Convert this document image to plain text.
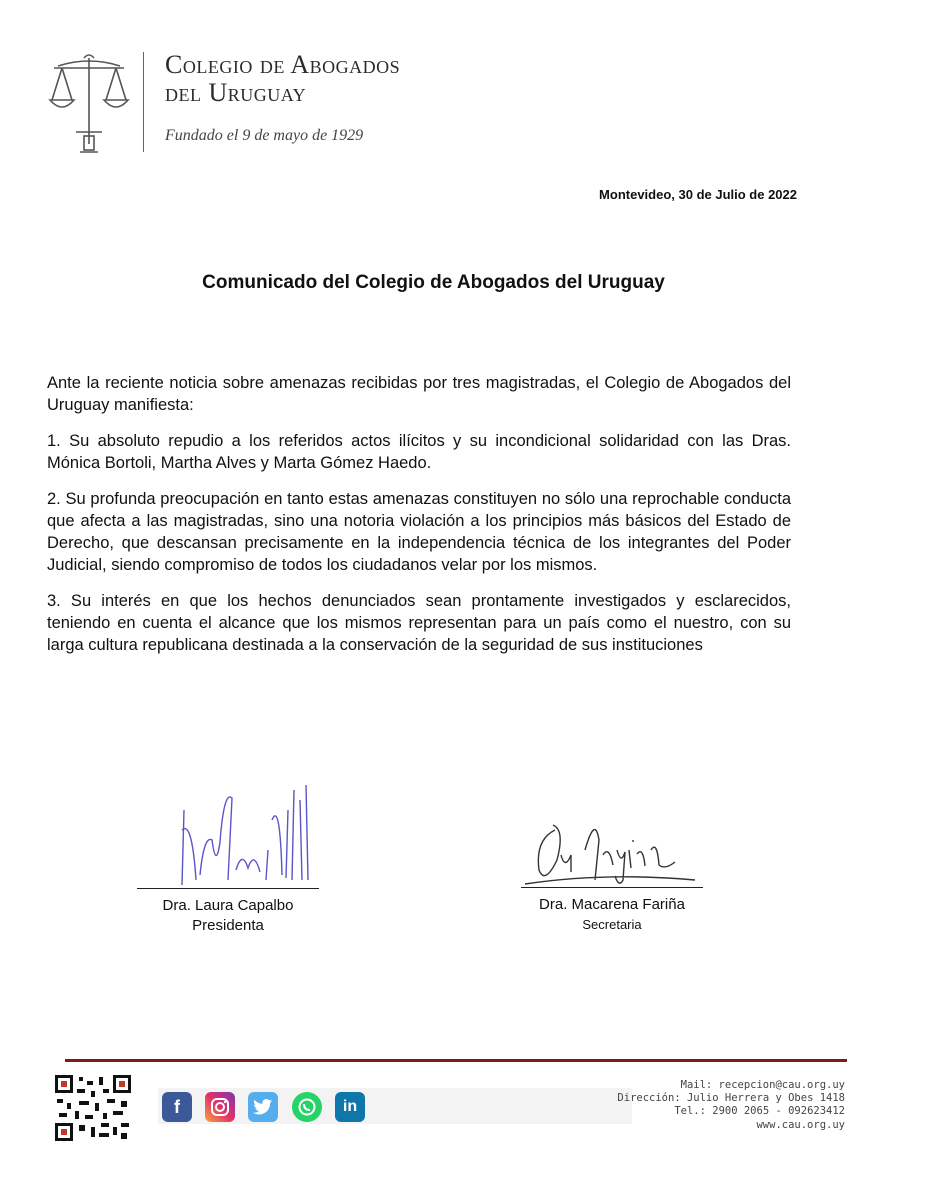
Colegio de Abogados
del Uruguay
Fundado el 9 de mayo de 1929
Montevideo, 30 de Julio de 2022
Comunicado del Colegio de Abogados del Uruguay

Ante la reciente noticia sobre amenazas recibidas por tres magistradas, el Colegio de Abogados del Uruguay manifiesta:

1. Su absoluto repudio a los referidos actos ilícitos y su incondicional solidaridad con las Dras. Mónica Bortoli, Martha Alves y Marta Gómez Haedo.

2. Su profunda preocupación en tanto estas amenazas constituyen no sólo una reprochable conducta que afecta a las magistradas, sino una notoria violación a los principios más básicos del Estado de Derecho, que descansan precisamente en la independencia técnica de los integrantes del Poder Judicial, siendo compromiso de todos los ciudadanos velar por los mismos.

3. Su interés en que los hechos denunciados sean prontamente investigados y esclarecidos, teniendo en cuenta el alcance que los mismos representan para un país como el nuestro, con su larga cultura republicana destinada a la conservación de la seguridad de sus instituciones

Dra. Laura Capalbo
Presidenta
Dra. Macarena Fariña
Secretaria
f	in
Mail: recepcion@cau.org.uy
Dirección: Julio Herrera y Obes 1418
Tel.: 2900 2065 - 092623412
www.cau.org.uy
